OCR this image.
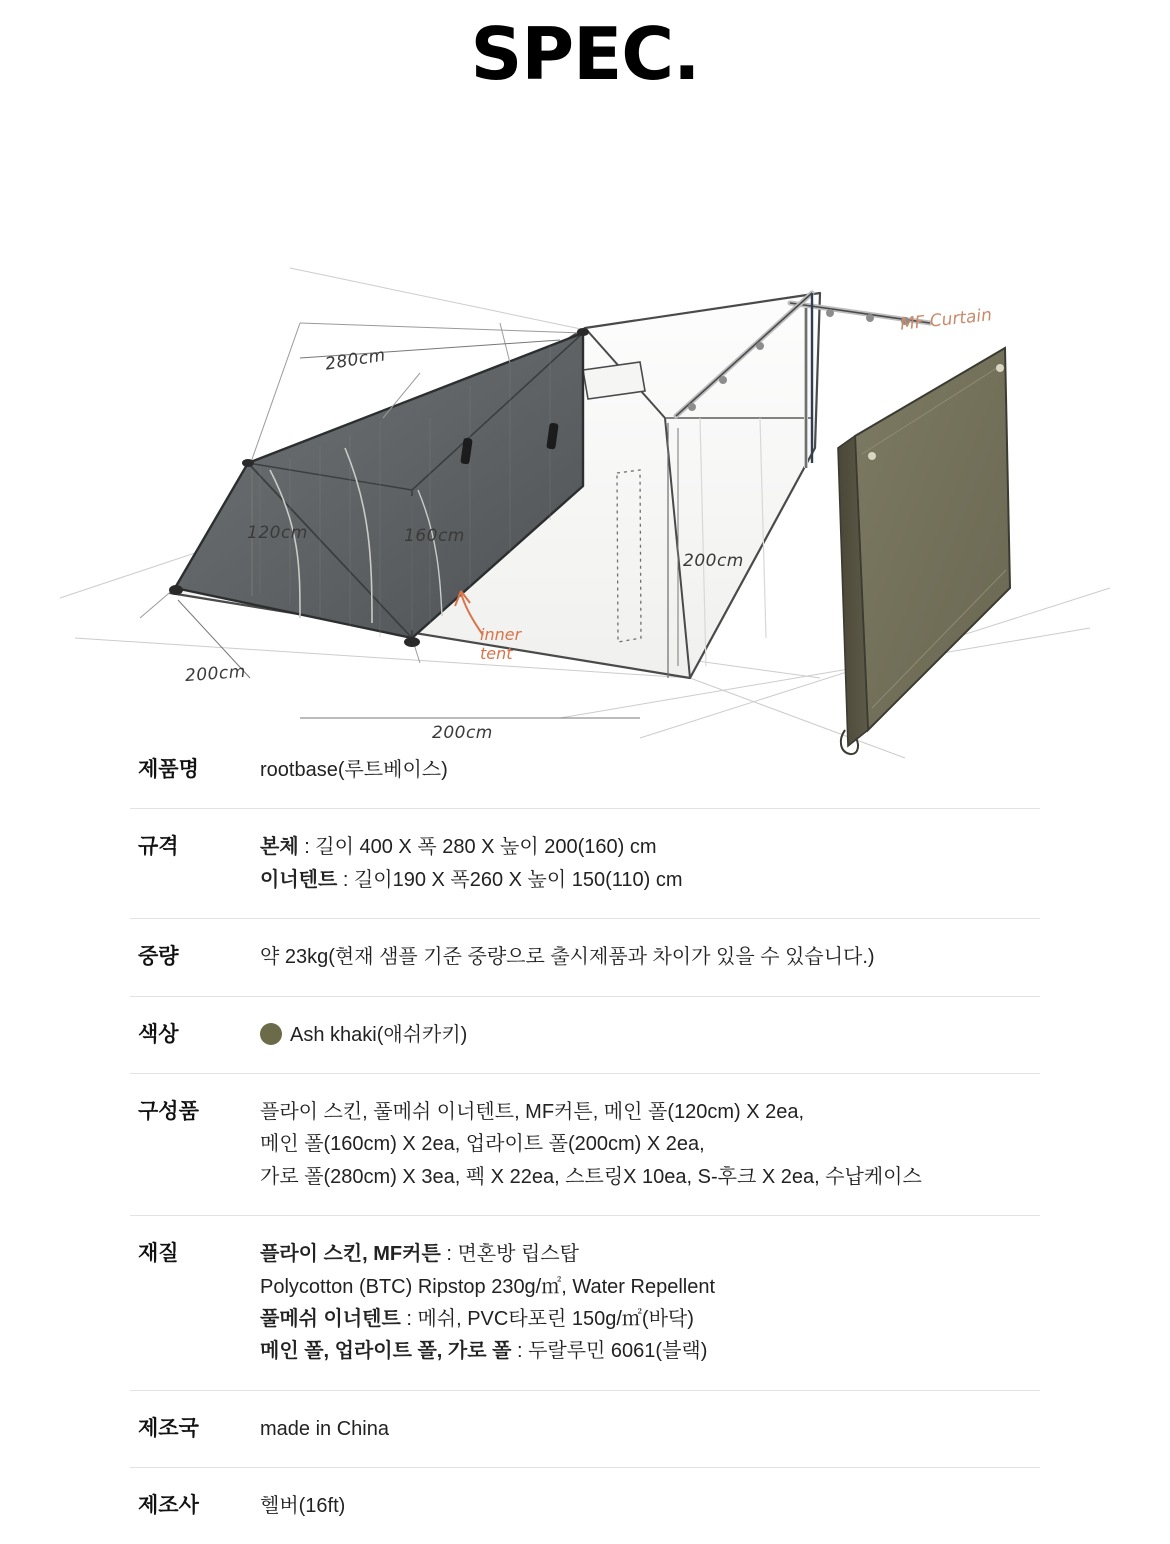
SPEC.
280cm
120cm	160cm
200cm
200cm
200cm
inner
tent
MF Curtain
제품명	rootbase(루트베이스)
규격	본체 : 길이 400 X 폭 280 X 높이 200(160) cm
이너텐트 : 길이190 X 폭260 X 높이 150(110) cm
중량	약 23kg(현재 샘플 기준 중량으로 출시제품과 차이가 있을 수 있습니다.)
색상	Ash khaki(애쉬카키)
구성품	플라이 스킨, 풀메쉬 이너텐트, MF커튼, 메인 폴(120cm) X 2ea,
메인 폴(160cm) X 2ea, 업라이트 폴(200cm) X 2ea,
가로 폴(280cm) X 3ea, 펙 X 22ea, 스트링X 10ea, S-후크 X 2ea, 수납케이스
재질	플라이 스킨, MF커튼 : 면혼방 립스탑
Polycotton (BTC) Ripstop 230g/㎡, Water Repellent
풀메쉬 이너텐트 : 메쉬, PVC타포린 150g/㎡(바닥)
메인 폴, 업라이트 폴, 가로 폴 : 두랄루민 6061(블랙)
제조국	made in China
제조사	헬버(16ft)
